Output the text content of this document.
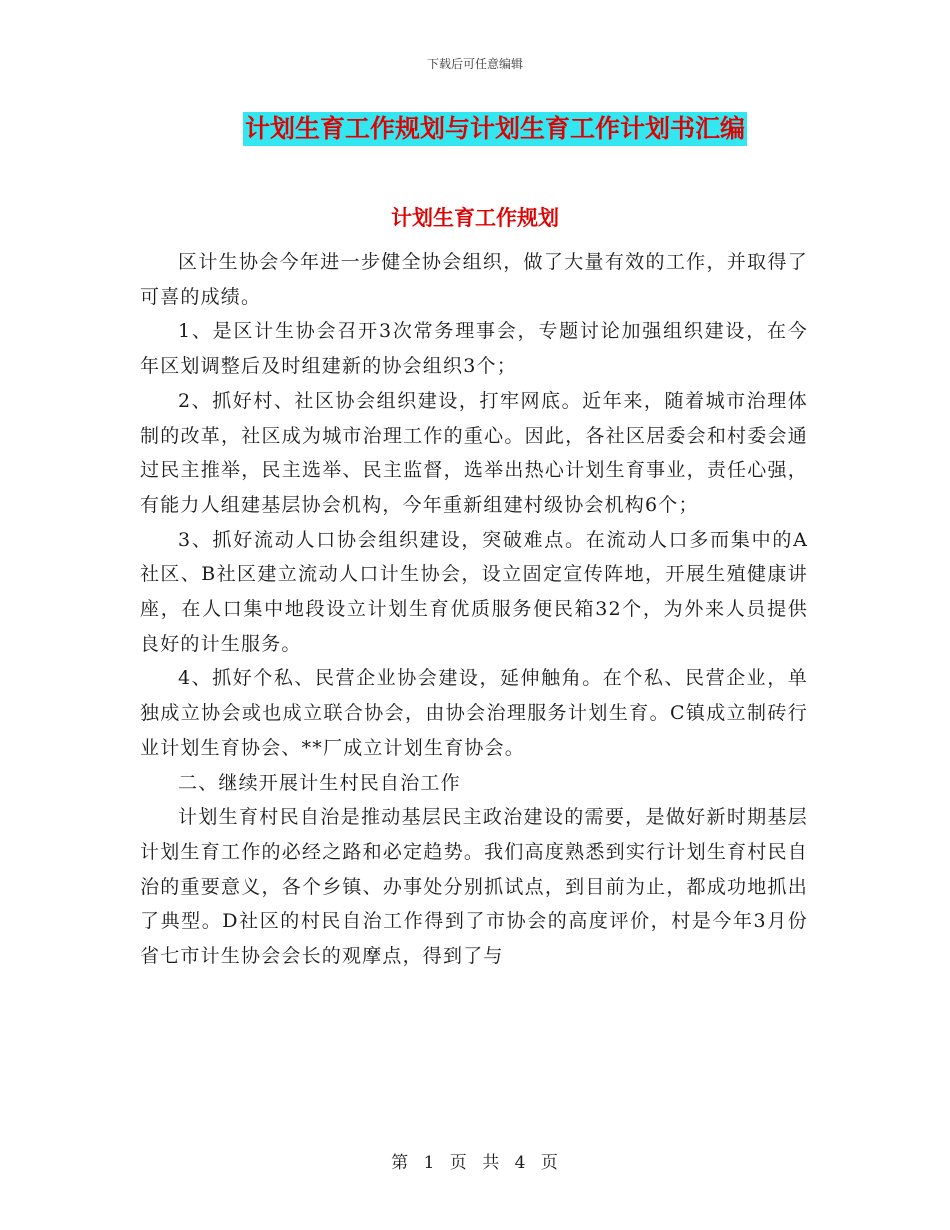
下载后可任意编辑
计划生育工作规划与计划生育工作计划书汇编
计划生育工作规划

区计生协会今年进一步健全协会组织，做了大量有效的工作，并取得了可喜的成绩。

1、是区计生协会召开3次常务理事会，专题讨论加强组织建设，在今年区划调整后及时组建新的协会组织3个；

2、抓好村、社区协会组织建设，打牢网底。近年来，随着城市治理体制的改革，社区成为城市治理工作的重心。因此，各社区居委会和村委会通过民主推举，民主选举、民主监督，选举出热心计划生育事业，责任心强，有能力人组建基层协会机构，今年重新组建村级协会机构6个；

3、抓好流动人口协会组织建设，突破难点。在流动人口多而集中的A社区、B社区建立流动人口计生协会，设立固定宣传阵地，开展生殖健康讲座，在人口集中地段设立计划生育优质服务便民箱32个，为外来人员提供良好的计生服务。

4、抓好个私、民营企业协会建设，延伸触角。在个私、民营企业，单独成立协会或也成立联合协会，由协会治理服务计划生育。C镇成立制砖行业计划生育协会、**厂成立计划生育协会。

二、继续开展计生村民自治工作

计划生育村民自治是推动基层民主政治建设的需要，是做好新时期基层计划生育工作的必经之路和必定趋势。我们高度熟悉到实行计划生育村民自治的重要意义，各个乡镇、办事处分别抓试点，到目前为止，都成功地抓出了典型。D社区的村民自治工作得到了市协会的高度评价，村是今年3月份省七市计生协会会长的观摩点，得到了与

第 1 页 共 4 页
